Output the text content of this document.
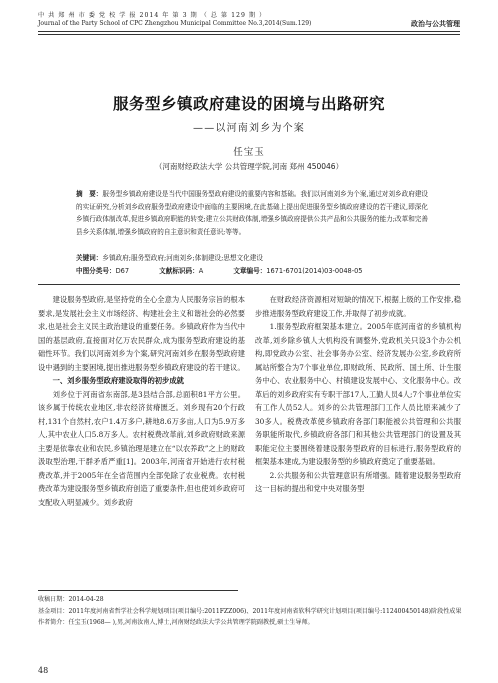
中 共 郑 州 市 委 党 校 学 报 2014 年 第 3 期 （ 总 第 129 期 ）
Journal of the Party School of CPC Zhengzhou Municipal Committee No.3,2014(Sum.129)	政治与公共管理
服务型乡镇政府建设的困境与出路研究
——以河南刘乡为个案
任宝玉
（河南财经政法大学 公共管理学院,河南 郑州 450046）
摘　要：服务型乡镇政府建设是当代中国服务型政府建设的重要内容和基础。我们以河南刘乡为个案,通过对刘乡政府建设的实证研究,分析刘乡政府服务型政府建设中面临的主要困境,在此基础上提出促进服务型乡镇政府建设的若干建议,即深化乡镇行政体制改革,促进乡镇政府职能的转变;建立公共财政体制,增强乡镇政府提供公共产品和公共服务的能力;改革和完善县乡关系体制,增强乡镇政府的自主意识和责任意识;等等。
关键词：乡镇政府;服务型政府;河南刘乡;体制建设;思想文化建设
中图分类号：D67	文献标识码：A	文章编号：1671-6701(2014)03-0048-05

建设服务型政府,是坚持党的全心全意为人民服务宗旨的根本要求,是发展社会主义市场经济、构建社会主义和谐社会的必然要求,也是社会主义民主政治建设的重要任务。乡镇政府作为当代中国的基层政府,直接面对亿万农民群众,成为服务型政府建设的基础性环节。我们以河南刘乡为个案,研究河南刘乡在服务型政府建设中遇到的主要困境,提出推进服务型乡镇政府建设的若干建议。

一、刘乡服务型政府建设取得的初步成就

刘乡位于河南省东南部,是3县结合部,总面积81平方公里。该乡属于传统农业地区,非农经济贫瘠匮乏。刘乡现有20个行政村,131个自然村,农户1.4万多户,耕地8.6万多亩,人口为5.9万多人,其中农业人口5.8万多人。农村税费改革前,刘乡政府财政来源主要是依靠农业和农民,乡镇治理是建立在“以农养政”之上的财政汲取型治理,干群矛盾严重[1]。2003年,河南省开始进行农村税费改革,并于2005年在全省范围内全部免除了农业税费。农村税费改革为建设服务型乡镇政府创造了重要条件,但也使刘乡政府可支配收入明显减少。刘乡政府

在财政经济资源相对短缺的情况下,根据上级的工作安排,稳步推进服务型政府建设工作,并取得了初步成就。

1.服务型政府框架基本建立。2005年底河南省的乡镇机构改革,刘乡除乡镇人大机构没有调整外,党政机关只设3个办公机构,即党政办公室、社会事务办公室、经济发展办公室,乡政府所属站所整合为7个事业单位,即财政所、民政所、国土所、计生服务中心、农业服务中心、村镇建设发展中心、文化服务中心。改革后的刘乡政府实有专职干部17人,工勤人员4人;7个事业单位实有工作人员52人。刘乡的公共管理部门工作人员比原来减少了30多人。税费改革使乡镇政府各部门职能被公共管理和公共服务职能所取代,乡镇政府各部门和其他公共管理部门的设置及其职能定位主要围绕着建设服务型政府的目标进行,服务型政府的框架基本建成,为建设服务型的乡镇政府奠定了重要基础。

2.公共服务和公共管理意识有所增强。随着建设服务型政府这一目标的提出和党中央对服务型

收稿日期：2014-04-28

基金项目：2011年度河南省哲学社会科学规划项目(项目编号:2011FZZ006)、2011年度河南省软科学研究计划项目(项目编号:112400450148)阶段性成果

作者简介：任宝玉(1968— ),男,河南汝南人,博士,河南财经政法大学公共管理学院副教授,硕士生导师。

48
